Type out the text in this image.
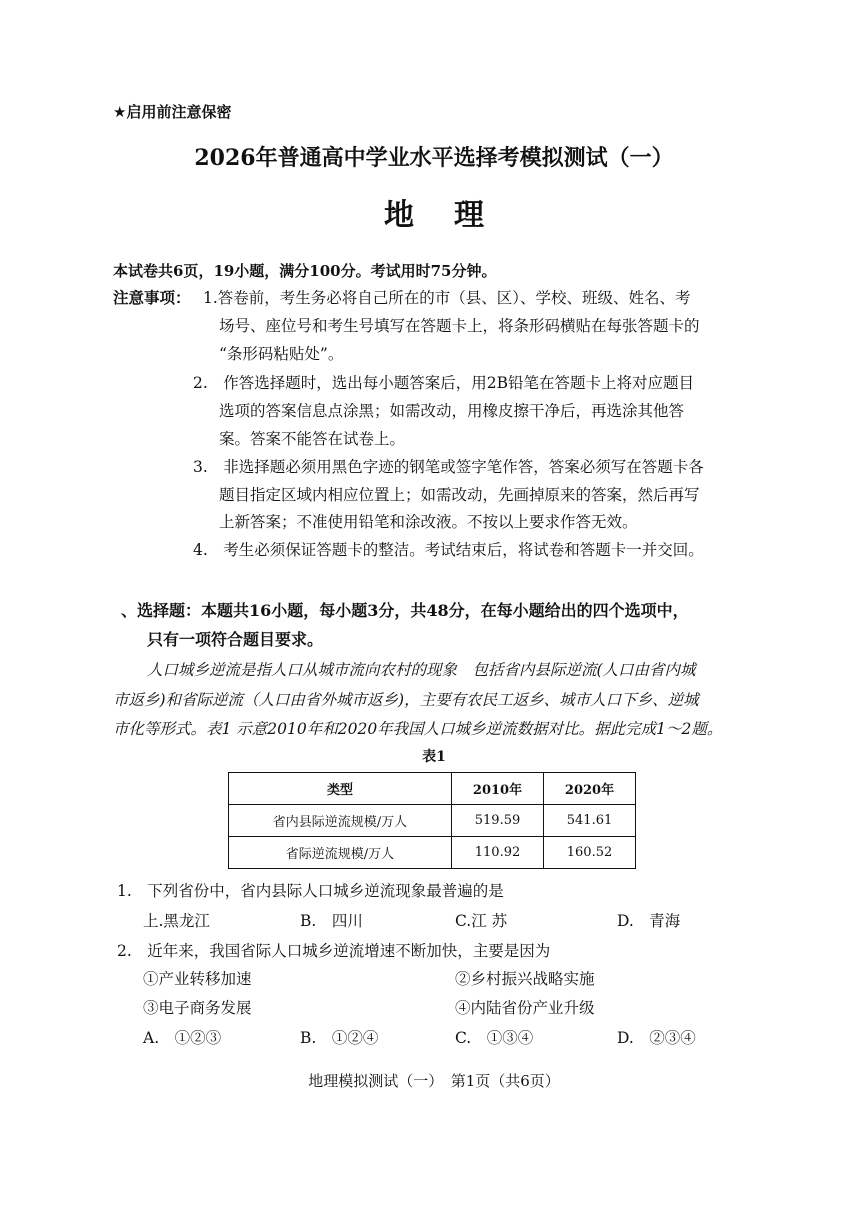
★启用前注意保密
2026年普通高中学业水平选择考模拟测试（一）
地理
本试卷共6页，19小题，满分100分。考试用时75分钟。
注意事项： 1.答卷前，考生务必将自己所在的市（县、区）、学校、班级、姓名、考
场号、座位号和考生号填写在答题卡上，将条形码横贴在每张答题卡的
“条形码粘贴处”。
2.　作答选择题时，选出每小题答案后，用2B铅笔在答题卡上将对应题目
选项的答案信息点涂黑；如需改动，用橡皮擦干净后，再选涂其他答
案。答案不能答在试卷上。
3.　非选择题必须用黑色字迹的钢笔或签字笔作答，答案必须写在答题卡各
题目指定区域内相应位置上；如需改动，先画掉原来的答案，然后再写
上新答案；不准使用铅笔和涂改液。不按以上要求作答无效。
4.　考生必须保证答题卡的整洁。考试结束后，将试卷和答题卡一并交回。
、选择题：本题共16小题，每小题3分，共48分，在每小题给出的四个选项中，
只有一项符合题目要求。
人口城乡逆流是指人口从城市流向农村的现象　包括省内县际逆流(人口由省内城
市返乡)和省际逆流（人口由省外城市返乡)，主要有农民工返乡、城市人口下乡、逆城
市化等形式。表1 示意2010年和2020年我国人口城乡逆流数据对比。据此完成1～2题。
表1
类型	2010年	2020年
省内县际逆流规模/万人	519.59	541.61
省际逆流规模/万人	110.92	160.52
1.　下列省份中，省内县际人口城乡逆流现象最普遍的是
上.黑龙江	B.　四川	C.江 苏	D.　青海
2.　近年来，我国省际人口城乡逆流增速不断加快，主要是因为
①产业转移加速	②乡村振兴战略实施
③电子商务发展	④内陆省份产业升级
A.　①②③	B.　①②④	C.　①③④	D.　②③④
地理模拟测试（一）　第1页（共6页）
